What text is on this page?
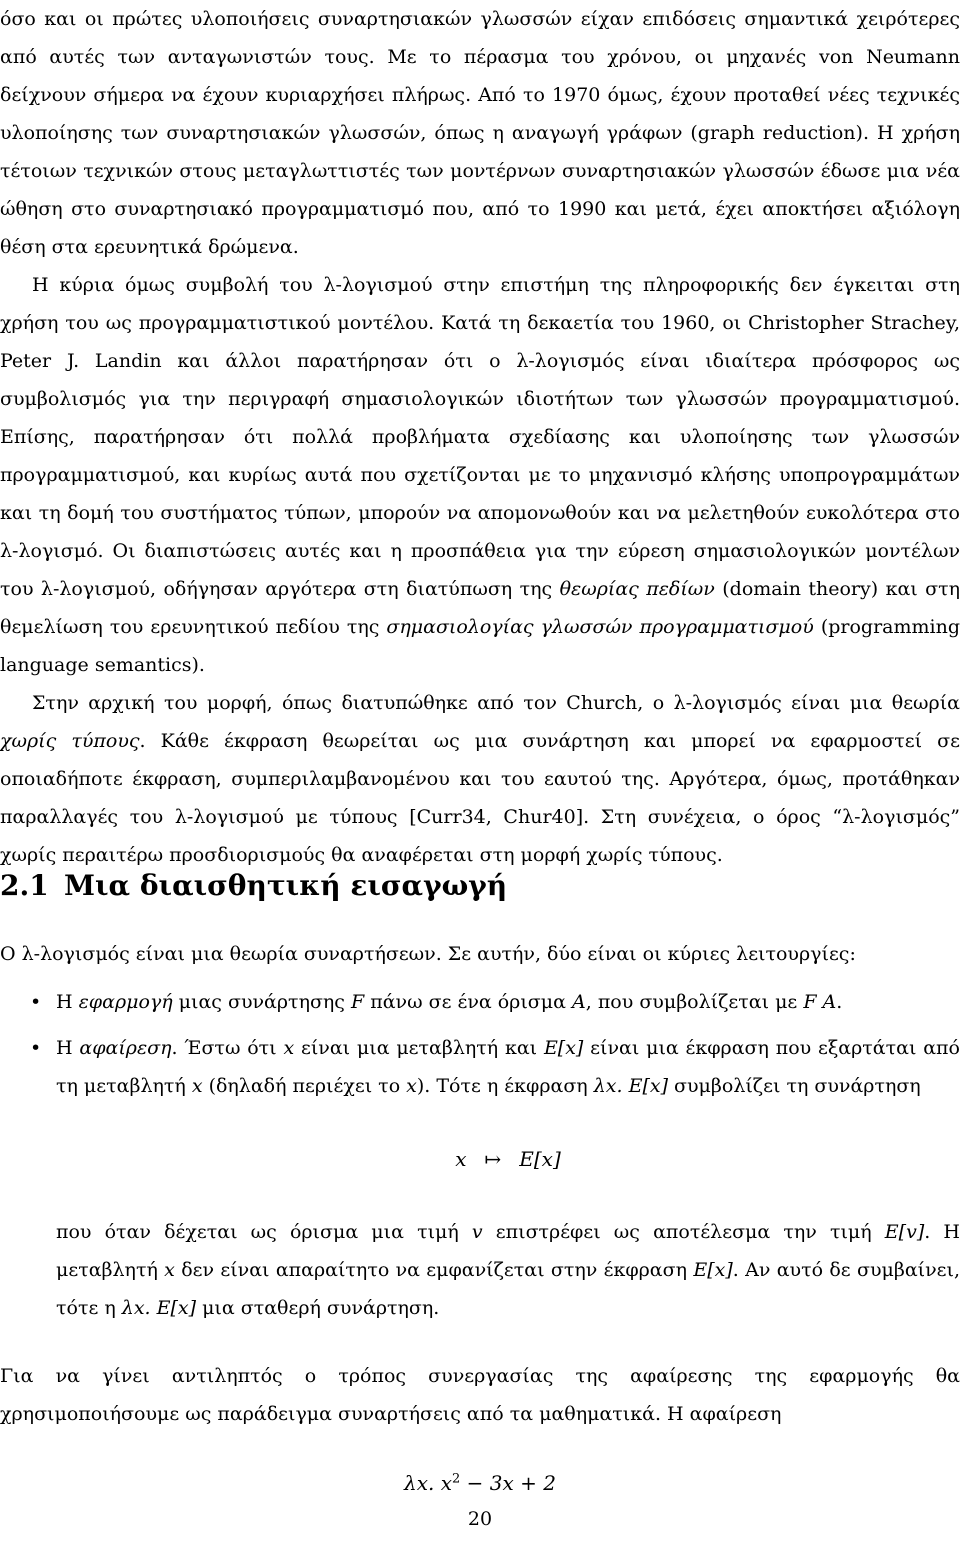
όσο και οι πρώτες υλοποιήσεις συναρτησιακών γλωσσών είχαν επιδόσεις σημαντικά χειρότερες από αυτές των ανταγωνιστών τους. Με το πέρασμα του χρόνου, οι μηχανές von Neumann δείχνουν σήμερα να έχουν κυριαρχήσει πλήρως. Από το 1970 όμως, έχουν προταθεί νέες τεχνικές υλοποίησης των συναρτησιακών γλωσσών, όπως η αναγωγή γράφων (graph reduction). Η χρήση τέτοιων τεχνικών στους μεταγλωττιστές των μοντέρνων συναρτησιακών γλωσσών έδωσε μια νέα ώθηση στο συναρτησιακό προγραμματισμό που, από το 1990 και μετά, έχει αποκτήσει αξιόλογη θέση στα ερευνητικά δρώμενα.

Η κύρια όμως συμβολή του λ-λογισμού στην επιστήμη της πληροφορικής δεν έγκειται στη χρήση του ως προγραμματιστικού μοντέλου. Κατά τη δεκαετία του 1960, οι Christopher Strachey, Peter J. Landin και άλλοι παρατήρησαν ότι ο λ-λογισμός είναι ιδιαίτερα πρόσφορος ως συμβολισμός για την περιγραφή σημασιολογικών ιδιοτήτων των γλωσσών προγραμματισμού. Επίσης, παρατήρησαν ότι πολλά προβλήματα σχεδίασης και υλοποίησης των γλωσσών προγραμματισμού, και κυρίως αυτά που σχετίζονται με το μηχανισμό κλήσης υποπρογραμμάτων και τη δομή του συστήματος τύπων, μπορούν να απομονωθούν και να μελετηθούν ευκολότερα στο λ-λογισμό. Οι διαπιστώσεις αυτές και η προσπάθεια για την εύρεση σημασιολογικών μοντέλων του λ-λογισμού, οδήγησαν αργότερα στη διατύπωση της θεωρίας πεδίων (domain theory) και στη θεμελίωση του ερευνητικού πεδίου της σημασιολογίας γλωσσών προγραμματισμού (programming language semantics).

Στην αρχική του μορφή, όπως διατυπώθηκε από τον Church, ο λ-λογισμός είναι μια θεωρία χωρίς τύπους. Κάθε έκφραση θεωρείται ως μια συνάρτηση και μπορεί να εφαρμοστεί σε οποιαδήποτε έκφραση, συμπεριλαμβανομένου και του εαυτού της. Αργότερα, όμως, προτάθηκαν παραλλαγές του λ-λογισμού με τύπους [Curr34, Chur40]. Στη συνέχεια, ο όρος “λ-λογισμός” χωρίς περαιτέρω προσδιορισμούς θα αναφέρεται στη μορφή χωρίς τύπους.

2.1 Μια διαισθητική εισαγωγή

Ο λ-λογισμός είναι μια θεωρία συναρτήσεων. Σε αυτήν, δύο είναι οι κύριες λειτουργίες:

• Η εφαρμογή μιας συνάρτησης F πάνω σε ένα όρισμα A, που συμβολίζεται με F A.
• Η αφαίρεση. Έστω ότι x είναι μια μεταβλητή και E[x] είναι μια έκφραση που εξαρτάται από τη μεταβλητή x (δηλαδή περιέχει το x). Τότε η έκφραση λx. E[x] συμβολίζει τη συνάρτηση
x ↦ E[x]
που όταν δέχεται ως όρισμα μια τιμή v επιστρέφει ως αποτέλεσμα την τιμή E[v]. Η μεταβλητή x δεν είναι απαραίτητο να εμφανίζεται στην έκφραση E[x]. Αν αυτό δε συμβαίνει, τότε η λx. E[x] μια σταθερή συνάρτηση.

Για να γίνει αντιληπτός ο τρόπος συνεργασίας της αφαίρεσης της εφαρμογής θα χρησιμοποιήσουμε ως παράδειγμα συναρτήσεις από τα μαθηματικά. Η αφαίρεση

λx. $x^2 - 3x + 2$
20
